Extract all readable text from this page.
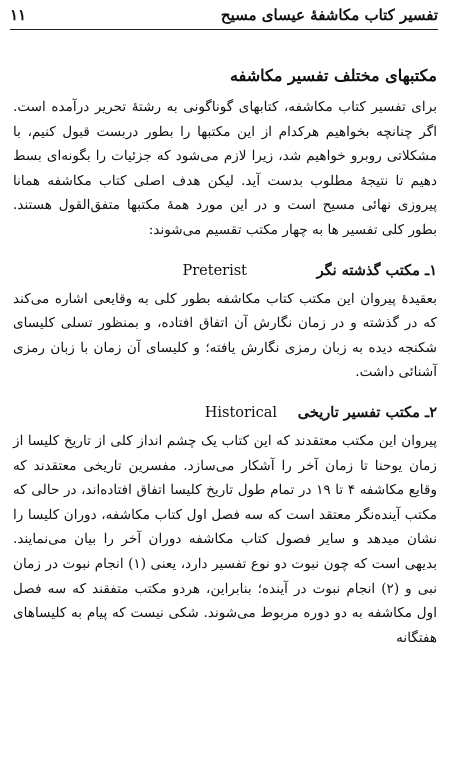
تفسیر کتاب مکاشفهٔ عیسای مسیح
۱۱
مکتبهای مختلف تفسیر مکاشفه

برای تفسیر کتاب مکاشفه، کتابهای گوناگونی به رشتهٔ تحریر درآمده است. اگر چنانچه بخواهیم هرکدام از این مکتبها را بطور دربست قبول کنیم، با مشکلاتی روبرو خواهیم شد، زیرا لازم می‌شود که جزئیات را بگونه‌ای بسط دهیم تا نتیجهٔ مطلوب بدست آید. لیکن هدف اصلی کتاب مکاشفه همانا پیروزی نهائی مسیح است و در این مورد همهٔ مکتبها متفق‌القول هستند. بطور کلی تفسیر ها به چهار مکتب تقسیم می‌شوند:

۱ـ مکتب گذشته نگر
Preterist

بعقیدهٔ پیروان این مکتب کتاب مکاشفه بطور کلی به وقایعی اشاره می‌کند که در گذشته و در زمان نگارش آن اتفاق افتاده، و بمنظور تسلی کلیسای شکنجه دیده به زبان رمزی نگارش یافته؛ و کلیسای آن زمان با زبان رمزی آشنائی داشت.

۲ـ مکتب تفسیر تاریخی
Historical

پیروان این مکتب معتقدند که این کتاب یک چشم انداز کلی از تاریخ کلیسا از زمان یوحنا تا زمان آخر را آشکار می‌سازد. مفسرین تاریخی معتقدند که وقایع مکاشفه ۴ تا ۱۹ در تمام طول تاریخ کلیسا اتفاق افتاده‌اند، در حالی که مکتب آینده‌نگر معتقد است که سه فصل اول کتاب مکاشفه، دوران کلیسا را نشان میدهد و سایر فصول کتاب مکاشفه دوران آخر را بیان می‌نمایند. بدیهی است که چون نبوت دو نوع تفسیر دارد، یعنی (۱) انجام نبوت در زمان نبی و (۲) انجام نبوت در آینده؛ بنابراین، هردو مکتب متفقند که سه فصل اول مکاشفه به دو دوره مربوط می‌شوند. شکی نیست که پیام به کلیساهای هفتگانه
